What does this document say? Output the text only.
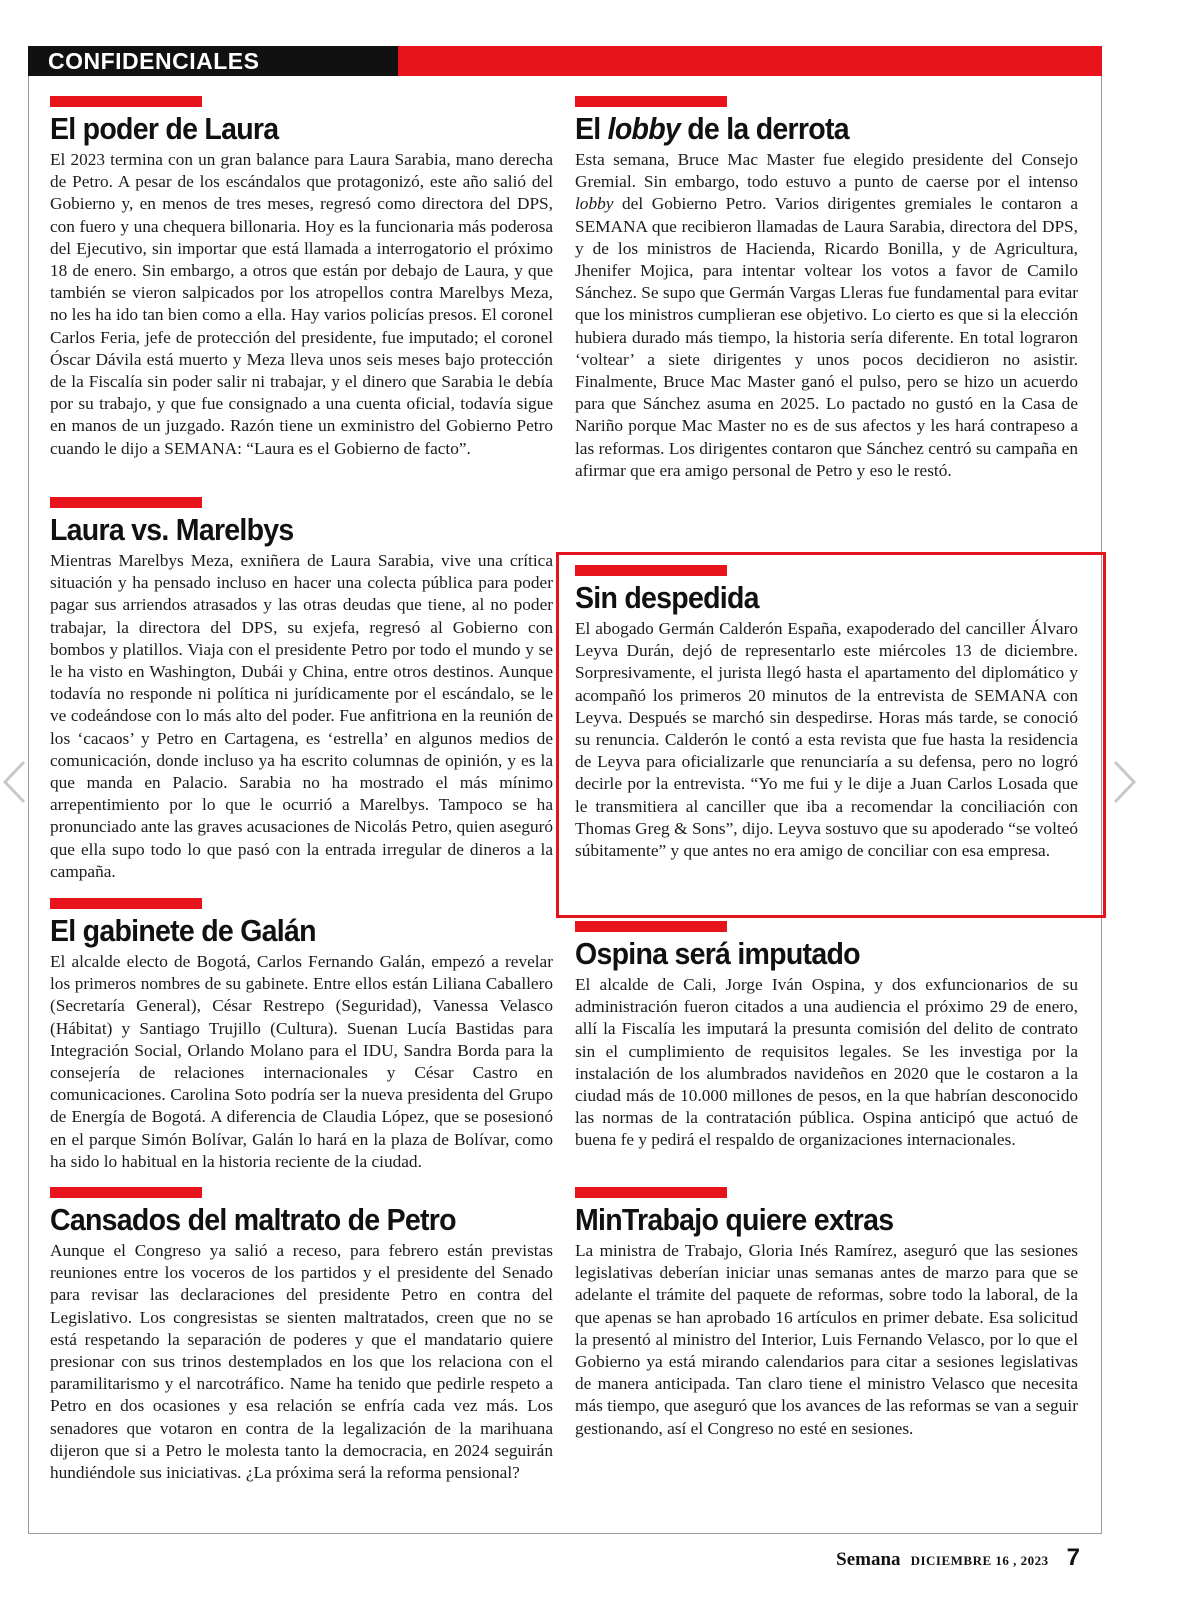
CONFIDENCIALES
El poder de Laura

El 2023 termina con un gran balance para Laura Sarabia, mano derecha de Petro. A pesar de los escándalos que protagonizó, este año salió del Gobierno y, en menos de tres meses, regresó como directora del DPS, con fuero y una chequera billonaria. Hoy es la funcionaria más poderosa del Ejecutivo, sin importar que está llamada a interrogatorio el próximo 18 de enero. Sin embargo, a otros que están por debajo de Laura, y que también se vieron salpicados por los atropellos contra Marelbys Meza, no les ha ido tan bien como a ella. Hay varios policías presos. El coronel Carlos Feria, jefe de protección del presidente, fue imputado; el coronel Óscar Dávila está muerto y Meza lleva unos seis meses bajo protección de la Fiscalía sin poder salir ni trabajar, y el dinero que Sarabia le debía por su trabajo, y que fue consignado a una cuenta oficial, todavía sigue en manos de un juzgado. Razón tiene un exministro del Gobierno Petro cuando le dijo a SEMANA: “Laura es el Gobierno de facto”.

Laura vs. Marelbys

Mientras Marelbys Meza, exniñera de Laura Sarabia, vive una crítica situación y ha pensado incluso en hacer una colecta pública para poder pagar sus arriendos atrasados y las otras deudas que tiene, al no poder trabajar, la directora del DPS, su exjefa, regresó al Gobierno con bombos y platillos. Viaja con el presidente Petro por todo el mundo y se le ha visto en Washington, Dubái y China, entre otros destinos. Aunque todavía no responde ni política ni jurídicamente por el escándalo, se le ve codeándose con lo más alto del poder. Fue anfitriona en la reunión de los ‘cacaos’ y Petro en Cartagena, es ‘estrella’ en algunos medios de comunicación, donde incluso ya ha escrito columnas de opinión, y es la que manda en Palacio. Sarabia no ha mostrado el más mínimo arrepentimiento por lo que le ocurrió a Marelbys. Tampoco se ha pronunciado ante las graves acusaciones de Nicolás Petro, quien aseguró que ella supo todo lo que pasó con la entrada irregular de dineros a la campaña.

El gabinete de Galán

El alcalde electo de Bogotá, Carlos Fernando Galán, empezó a revelar los primeros nombres de su gabinete. Entre ellos están Liliana Caballero (Secretaría General), César Restrepo (Seguridad), Vanessa Velasco (Hábitat) y Santiago Trujillo (Cultura). Suenan Lucía Bastidas para Integración Social, Orlando Molano para el IDU, Sandra Borda para la consejería de relaciones internacionales y César Castro en comunicaciones. Carolina Soto podría ser la nueva presidenta del Grupo de Energía de Bogotá. A diferencia de Claudia López, que se posesionó en el parque Simón Bolívar, Galán lo hará en la plaza de Bolívar, como ha sido lo habitual en la historia reciente de la ciudad.

Cansados del maltrato de Petro

Aunque el Congreso ya salió a receso, para febrero están previstas reuniones entre los voceros de los partidos y el presidente del Senado para revisar las declaraciones del presidente Petro en contra del Legislativo. Los congresistas se sienten maltratados, creen que no se está respetando la separación de poderes y que el mandatario quiere presionar con sus trinos destemplados en los que los relaciona con el paramilitarismo y el narcotráfico. Name ha tenido que pedirle respeto a Petro en dos ocasiones y esa relación se enfría cada vez más. Los senadores que votaron en contra de la legalización de la marihuana dijeron que si a Petro le molesta tanto la democracia, en 2024 seguirán hundiéndole sus iniciativas. ¿La próxima será la reforma pensional?

El lobby de la derrota

Esta semana, Bruce Mac Master fue elegido presidente del Consejo Gremial. Sin embargo, todo estuvo a punto de caerse por el intenso lobby del Gobierno Petro. Varios dirigentes gremiales le contaron a SEMANA que recibieron llamadas de Laura Sarabia, directora del DPS, y de los ministros de Hacienda, Ricardo Bonilla, y de Agricultura, Jhenifer Mojica, para intentar voltear los votos a favor de Camilo Sánchez. Se supo que Germán Vargas Lleras fue fundamental para evitar que los ministros cumplieran ese objetivo. Lo cierto es que si la elección hubiera durado más tiempo, la historia sería diferente. En total lograron ‘voltear’ a siete dirigentes y unos pocos decidieron no asistir. Finalmente, Bruce Mac Master ganó el pulso, pero se hizo un acuerdo para que Sánchez asuma en 2025. Lo pactado no gustó en la Casa de Nariño porque Mac Master no es de sus afectos y les hará contrapeso a las reformas. Los dirigentes contaron que Sánchez centró su campaña en afirmar que era amigo personal de Petro y eso le restó.

Sin despedida

El abogado Germán Calderón España, exapoderado del canciller Álvaro Leyva Durán, dejó de representarlo este miércoles 13 de diciembre. Sorpresivamente, el jurista llegó hasta el apartamento del diplomático y acompañó los primeros 20 minutos de la entrevista de SEMANA con Leyva. Después se marchó sin despedirse. Horas más tarde, se conoció su renuncia. Calderón le contó a esta revista que fue hasta la residencia de Leyva para oficializarle que renunciaría a su defensa, pero no logró decirle por la entrevista. “Yo me fui y le dije a Juan Carlos Losada que le transmitiera al canciller que iba a recomendar la conciliación con Thomas Greg & Sons”, dijo. Leyva sostuvo que su apoderado “se volteó súbitamente” y que antes no era amigo de conciliar con esa empresa.

Ospina será imputado

El alcalde de Cali, Jorge Iván Ospina, y dos exfuncionarios de su administración fueron citados a una audiencia el próximo 29 de enero, allí la Fiscalía les imputará la presunta comisión del delito de contrato sin el cumplimiento de requisitos legales. Se les investiga por la instalación de los alumbrados navideños en 2020 que le costaron a la ciudad más de 10.000 millones de pesos, en la que habrían desconocido las normas de la contratación pública. Ospina anticipó que actuó de buena fe y pedirá el respaldo de organizaciones internacionales.

MinTrabajo quiere extras

La ministra de Trabajo, Gloria Inés Ramírez, aseguró que las sesiones legislativas deberían iniciar unas semanas antes de marzo para que se adelante el trámite del paquete de reformas, sobre todo la laboral, de la que apenas se han aprobado 16 artículos en primer debate. Esa solicitud la presentó al ministro del Interior, Luis Fernando Velasco, por lo que el Gobierno ya está mirando calendarios para citar a sesiones legislativas de manera anticipada. Tan claro tiene el ministro Velasco que necesita más tiempo, que aseguró que los avances de las reformas se van a seguir gestionando, así el Congreso no esté en sesiones.

Semana DICIEMBRE 16 , 2023 7
